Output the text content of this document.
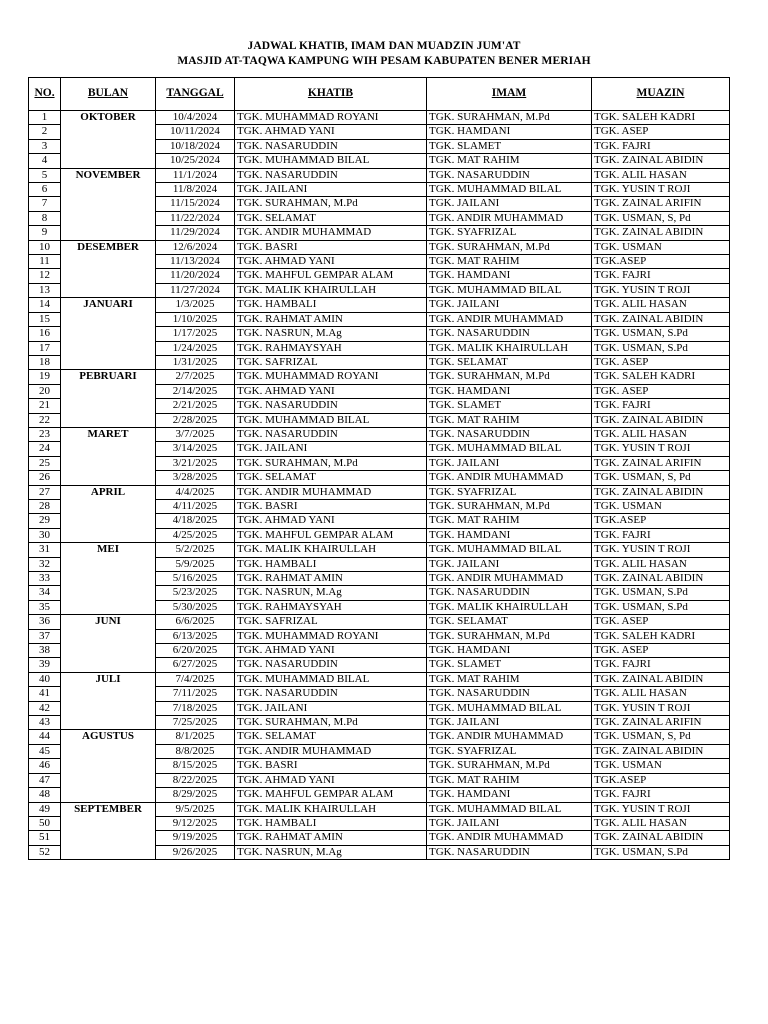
JADWAL KHATIB, IMAM DAN MUADZIN JUM'AT
MASJID AT-TAQWA KAMPUNG WIH PESAM KABUPATEN BENER MERIAH
NO.	BULAN	TANGGAL	KHATIB	IMAM	MUAZIN
1	OKTOBER	10/4/2024	TGK. MUHAMMAD ROYANI	TGK. SURAHMAN, M.Pd	TGK. SALEH KADRI
2		10/11/2024	TGK. AHMAD YANI	TGK. HAMDANI	TGK. ASEP
3		10/18/2024	TGK. NASARUDDIN	TGK. SLAMET	TGK. FAJRI
4		10/25/2024	TGK. MUHAMMAD BILAL	TGK. MAT RAHIM	TGK. ZAINAL ABIDIN
5	NOVEMBER	11/1/2024	TGK. NASARUDDIN	TGK. NASARUDDIN	TGK. ALIL HASAN
6		11/8/2024	TGK. JAILANI	TGK. MUHAMMAD BILAL	TGK. YUSIN T ROJI
7		11/15/2024	TGK. SURAHMAN, M.Pd	TGK. JAILANI	TGK. ZAINAL ARIFIN
8		11/22/2024	TGK. SELAMAT	TGK. ANDIR MUHAMMAD	TGK. USMAN, S, Pd
9		11/29/2024	TGK. ANDIR MUHAMMAD	TGK. SYAFRIZAL	TGK. ZAINAL ABIDIN
10	DESEMBER	12/6/2024	TGK. BASRI	TGK. SURAHMAN, M.Pd	TGK. USMAN
11		11/13/2024	TGK. AHMAD YANI	TGK. MAT RAHIM	TGK.ASEP
12		11/20/2024	TGK. MAHFUL GEMPAR ALAM	TGK. HAMDANI	TGK. FAJRI
13		11/27/2024	TGK. MALIK KHAIRULLAH	TGK. MUHAMMAD BILAL	TGK. YUSIN T ROJI
14	JANUARI	1/3/2025	TGK. HAMBALI	TGK. JAILANI	TGK. ALIL HASAN
15		1/10/2025	TGK. RAHMAT AMIN	TGK. ANDIR MUHAMMAD	TGK. ZAINAL ABIDIN
16		1/17/2025	TGK. NASRUN, M.Ag	TGK. NASARUDDIN	TGK. USMAN, S.Pd
17		1/24/2025	TGK. RAHMAYSYAH	TGK. MALIK KHAIRULLAH	TGK. USMAN, S.Pd
18		1/31/2025	TGK. SAFRIZAL	TGK. SELAMAT	TGK. ASEP
19	PEBRUARI	2/7/2025	TGK. MUHAMMAD ROYANI	TGK. SURAHMAN, M.Pd	TGK. SALEH KADRI
20		2/14/2025	TGK. AHMAD YANI	TGK. HAMDANI	TGK. ASEP
21		2/21/2025	TGK. NASARUDDIN	TGK. SLAMET	TGK. FAJRI
22		2/28/2025	TGK. MUHAMMAD BILAL	TGK. MAT RAHIM	TGK. ZAINAL ABIDIN
23	MARET	3/7/2025	TGK. NASARUDDIN	TGK. NASARUDDIN	TGK. ALIL HASAN
24		3/14/2025	TGK. JAILANI	TGK. MUHAMMAD BILAL	TGK. YUSIN T ROJI
25		3/21/2025	TGK. SURAHMAN, M.Pd	TGK. JAILANI	TGK. ZAINAL ARIFIN
26		3/28/2025	TGK. SELAMAT	TGK. ANDIR MUHAMMAD	TGK. USMAN, S, Pd
27	APRIL	4/4/2025	TGK. ANDIR MUHAMMAD	TGK. SYAFRIZAL	TGK. ZAINAL ABIDIN
28		4/11/2025	TGK. BASRI	TGK. SURAHMAN, M.Pd	TGK. USMAN
29		4/18/2025	TGK. AHMAD YANI	TGK. MAT RAHIM	TGK.ASEP
30		4/25/2025	TGK. MAHFUL GEMPAR ALAM	TGK. HAMDANI	TGK. FAJRI
31	MEI	5/2/2025	TGK. MALIK KHAIRULLAH	TGK. MUHAMMAD BILAL	TGK. YUSIN T ROJI
32		5/9/2025	TGK. HAMBALI	TGK. JAILANI	TGK. ALIL HASAN
33		5/16/2025	TGK. RAHMAT AMIN	TGK. ANDIR MUHAMMAD	TGK. ZAINAL ABIDIN
34		5/23/2025	TGK. NASRUN, M.Ag	TGK. NASARUDDIN	TGK. USMAN, S.Pd
35		5/30/2025	TGK. RAHMAYSYAH	TGK. MALIK KHAIRULLAH	TGK. USMAN, S.Pd
36	JUNI	6/6/2025	TGK. SAFRIZAL	TGK. SELAMAT	TGK. ASEP
37		6/13/2025	TGK. MUHAMMAD ROYANI	TGK. SURAHMAN, M.Pd	TGK. SALEH KADRI
38		6/20/2025	TGK. AHMAD YANI	TGK. HAMDANI	TGK. ASEP
39		6/27/2025	TGK. NASARUDDIN	TGK. SLAMET	TGK. FAJRI
40	JULI	7/4/2025	TGK. MUHAMMAD BILAL	TGK. MAT RAHIM	TGK. ZAINAL ABIDIN
41		7/11/2025	TGK. NASARUDDIN	TGK. NASARUDDIN	TGK. ALIL HASAN
42		7/18/2025	TGK. JAILANI	TGK. MUHAMMAD BILAL	TGK. YUSIN T ROJI
43		7/25/2025	TGK. SURAHMAN, M.Pd	TGK. JAILANI	TGK. ZAINAL ARIFIN
44	AGUSTUS	8/1/2025	TGK. SELAMAT	TGK. ANDIR MUHAMMAD	TGK. USMAN, S, Pd
45		8/8/2025	TGK. ANDIR MUHAMMAD	TGK. SYAFRIZAL	TGK. ZAINAL ABIDIN
46		8/15/2025	TGK. BASRI	TGK. SURAHMAN, M.Pd	TGK. USMAN
47		8/22/2025	TGK. AHMAD YANI	TGK. MAT RAHIM	TGK.ASEP
48		8/29/2025	TGK. MAHFUL GEMPAR ALAM	TGK. HAMDANI	TGK. FAJRI
49	SEPTEMBER	9/5/2025	TGK. MALIK KHAIRULLAH	TGK. MUHAMMAD BILAL	TGK. YUSIN T ROJI
50		9/12/2025	TGK. HAMBALI	TGK. JAILANI	TGK. ALIL HASAN
51		9/19/2025	TGK. RAHMAT AMIN	TGK. ANDIR MUHAMMAD	TGK. ZAINAL ABIDIN
52		9/26/2025	TGK. NASRUN, M.Ag	TGK. NASARUDDIN	TGK. USMAN, S.Pd
